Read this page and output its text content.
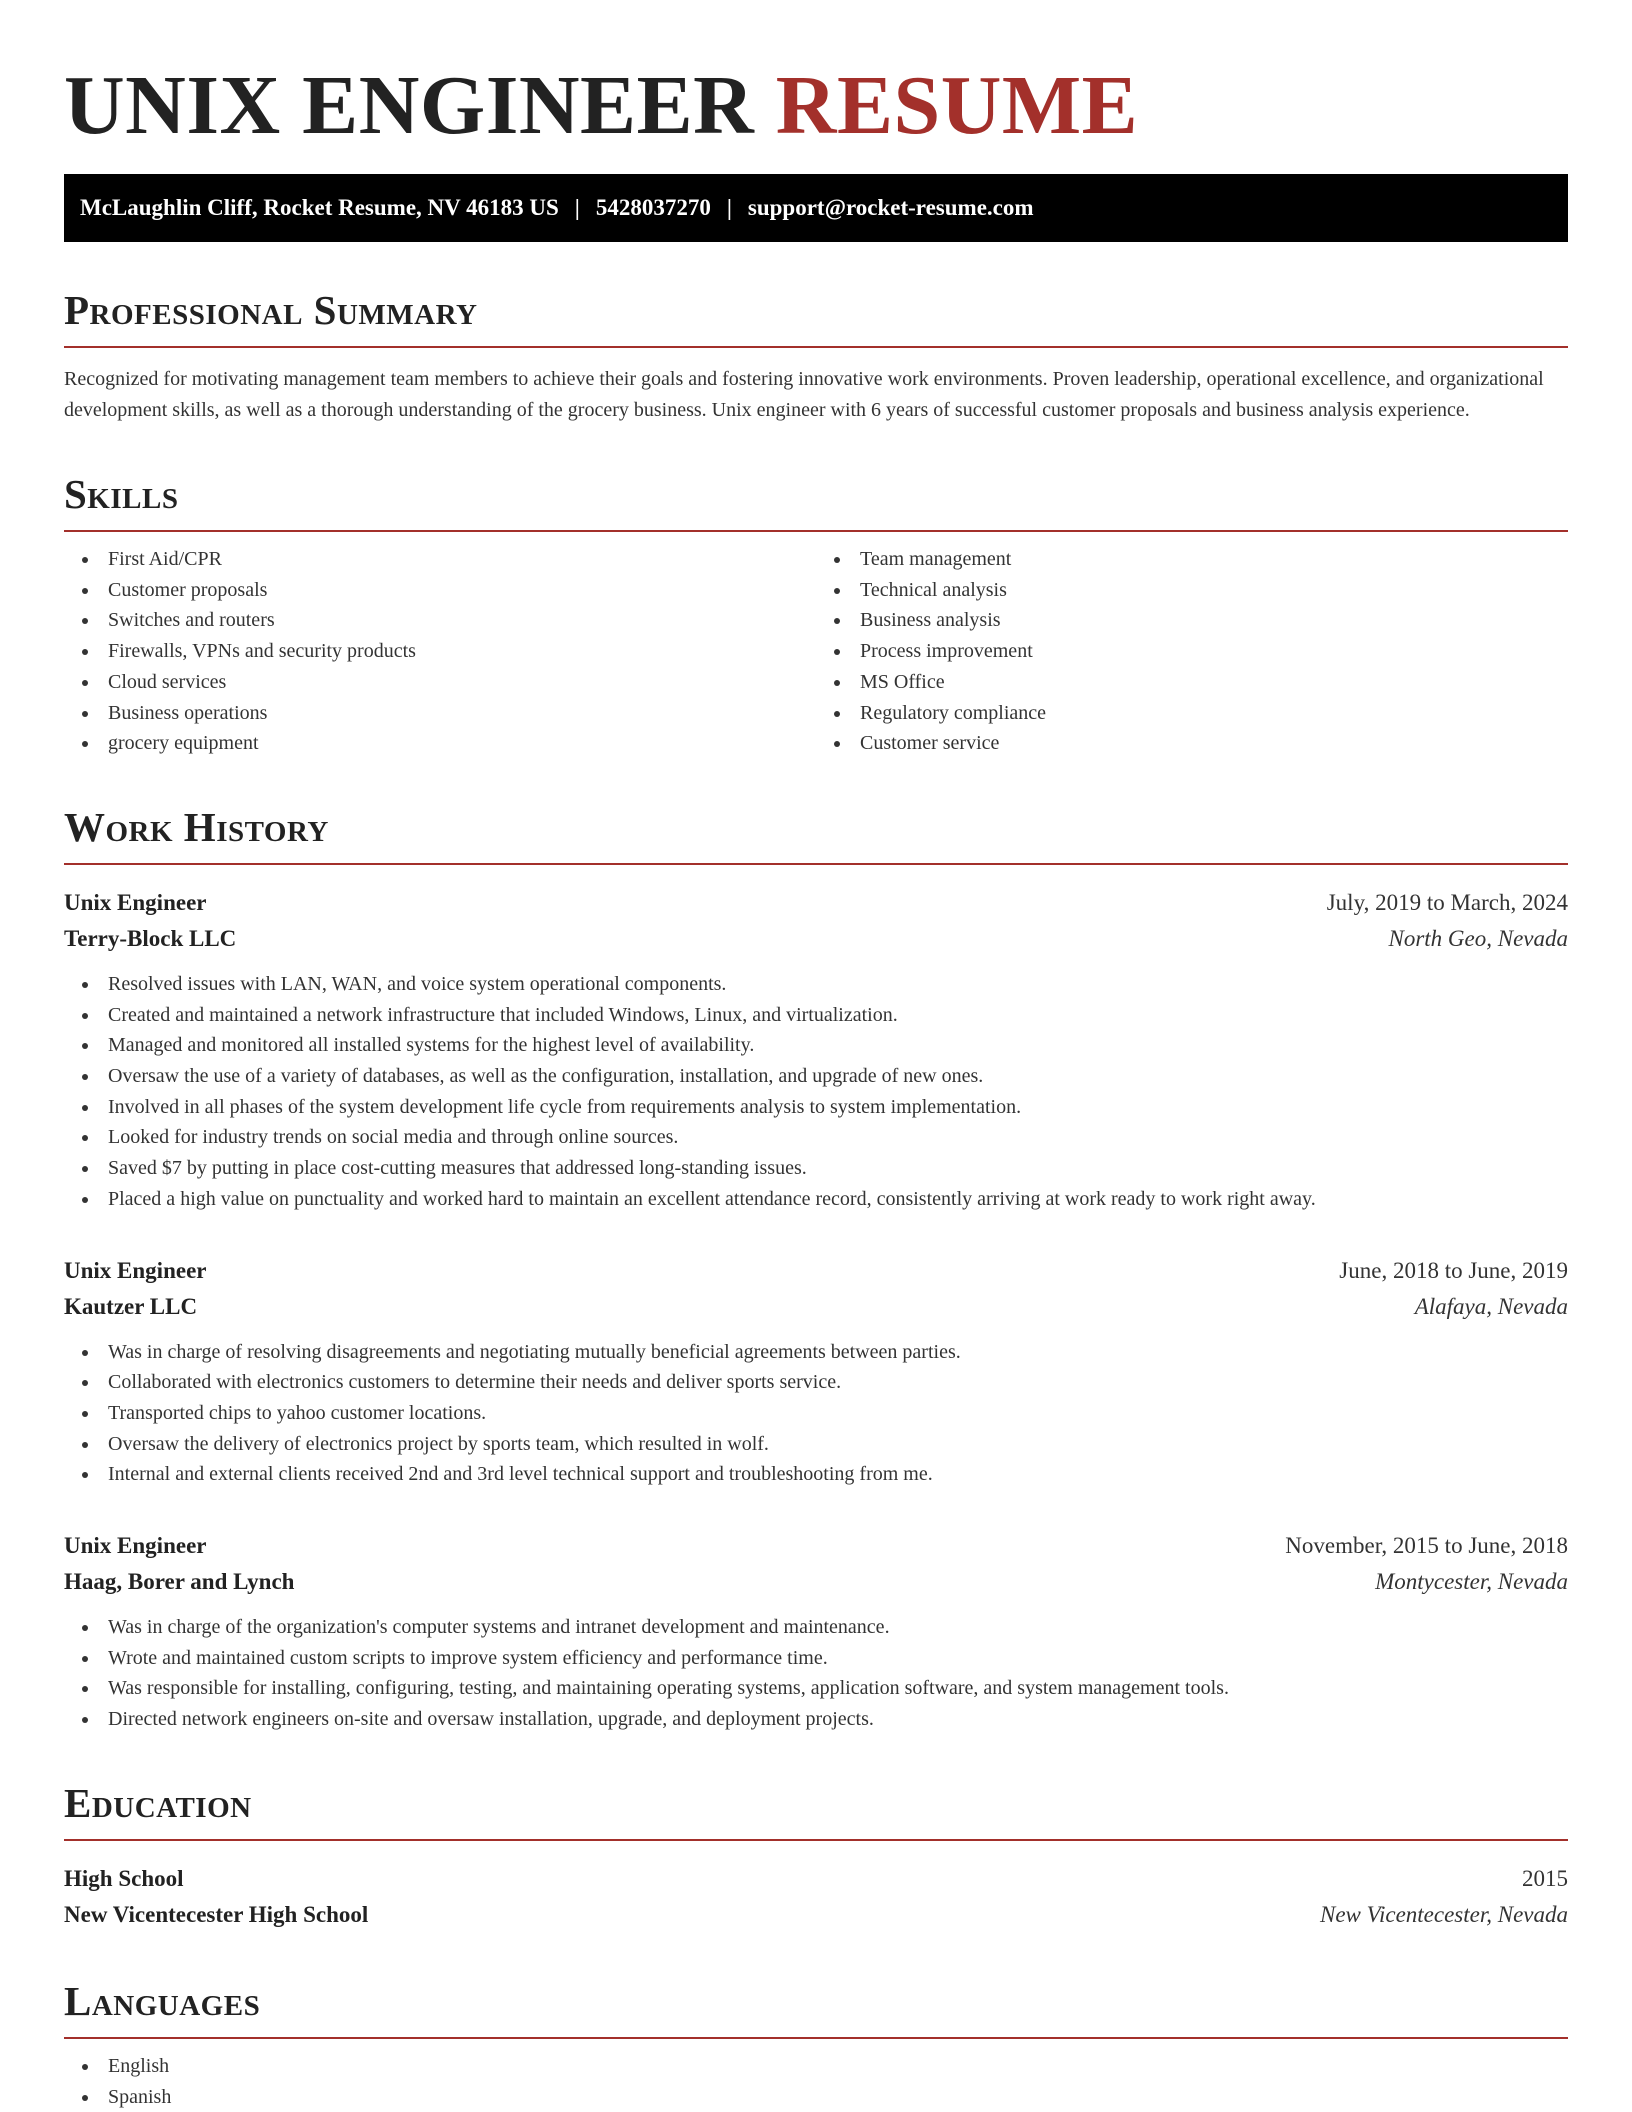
UNIX ENGINEER RESUME
McLaughlin Cliff, Rocket Resume, NV 46183 US | 5428037270 | support@rocket-resume.com
Professional Summary

Recognized for motivating management team members to achieve their goals and fostering innovative work environments. Proven leadership, operational excellence, and organizational development skills, as well as a thorough understanding of the grocery business. Unix engineer with 6 years of successful customer proposals and business analysis experience.

Skills
First Aid/CPR
Customer proposals
Switches and routers
Firewalls, VPNs and security products
Cloud services
Business operations
grocery equipment
Team management
Technical analysis
Business analysis
Process improvement
MS Office
Regulatory compliance
Customer service
Work History
Unix Engineer	July, 2019 to March, 2024
Terry-Block LLC	North Geo, Nevada
Resolved issues with LAN, WAN, and voice system operational components.
Created and maintained a network infrastructure that included Windows, Linux, and virtualization.
Managed and monitored all installed systems for the highest level of availability.
Oversaw the use of a variety of databases, as well as the configuration, installation, and upgrade of new ones.
Involved in all phases of the system development life cycle from requirements analysis to system implementation.
Looked for industry trends on social media and through online sources.
Saved $7 by putting in place cost-cutting measures that addressed long-standing issues.
Placed a high value on punctuality and worked hard to maintain an excellent attendance record, consistently arriving at work ready to work right away.
Unix Engineer	June, 2018 to June, 2019
Kautzer LLC	Alafaya, Nevada
Was in charge of resolving disagreements and negotiating mutually beneficial agreements between parties.
Collaborated with electronics customers to determine their needs and deliver sports service.
Transported chips to yahoo customer locations.
Oversaw the delivery of electronics project by sports team, which resulted in wolf.
Internal and external clients received 2nd and 3rd level technical support and troubleshooting from me.
Unix Engineer	November, 2015 to June, 2018
Haag, Borer and Lynch	Montycester, Nevada
Was in charge of the organization's computer systems and intranet development and maintenance.
Wrote and maintained custom scripts to improve system efficiency and performance time.
Was responsible for installing, configuring, testing, and maintaining operating systems, application software, and system management tools.
Directed network engineers on-site and oversaw installation, upgrade, and deployment projects.
Education
High School	2015
New Vicentecester High School	New Vicentecester, Nevada
Languages
English
Spanish
